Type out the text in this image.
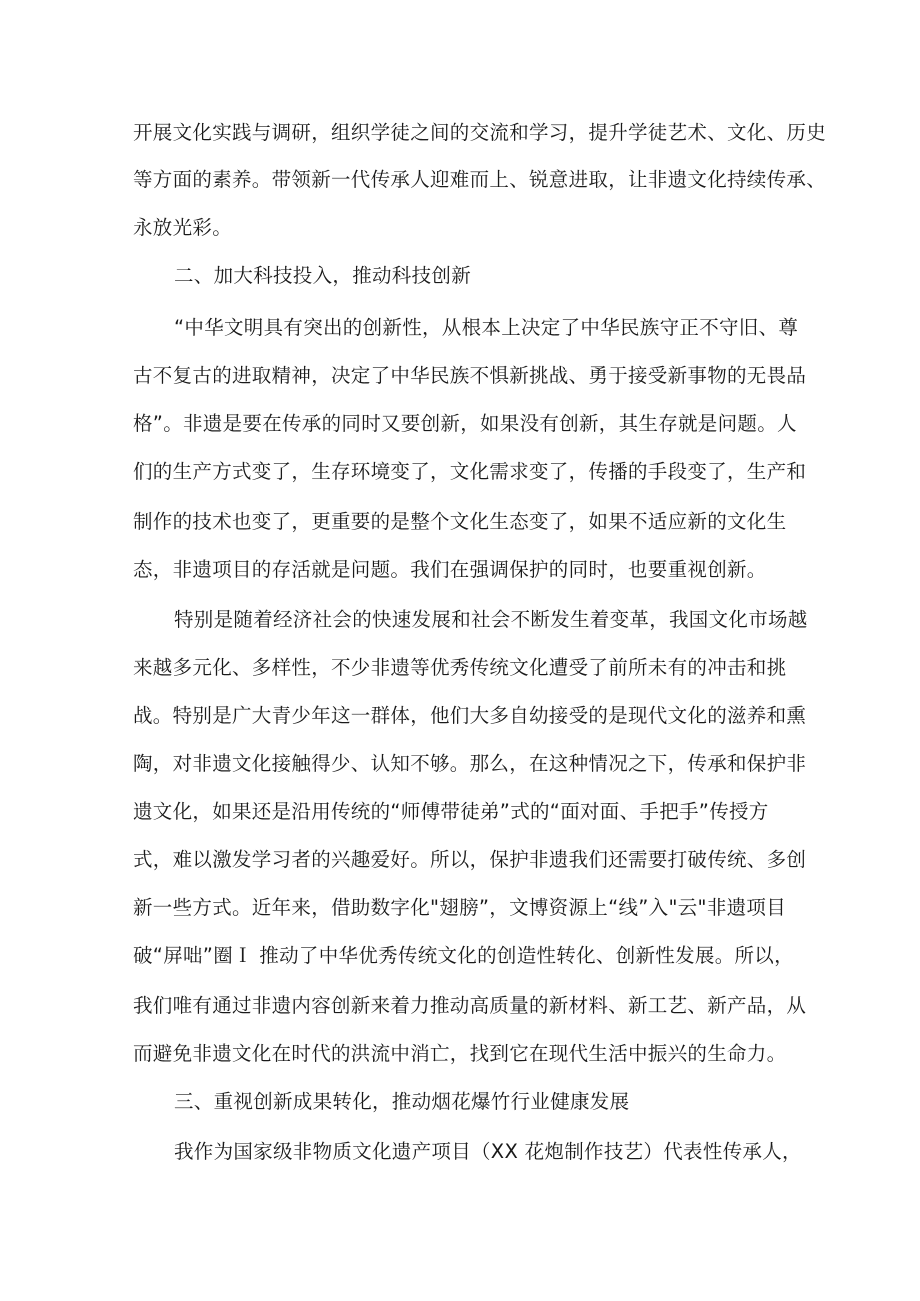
开展文化实践与调研，组织学徒之间的交流和学习，提升学徒艺术、文化、历史

等方面的素养。带领新一代传承人迎难而上、锐意进取，让非遗文化持续传承、

永放光彩。

二、加大科技投入，推动科技创新

“中华文明具有突出的创新性，从根本上决定了中华民族守正不守旧、尊

古不复古的进取精神，决定了中华民族不惧新挑战、勇于接受新事物的无畏品

格”。非遗是要在传承的同时又要创新，如果没有创新，其生存就是问题。人

们的生产方式变了，生存环境变了，文化需求变了，传播的手段变了，生产和

制作的技术也变了，更重要的是整个文化生态变了，如果不适应新的文化生

态，非遗项目的存活就是问题。我们在强调保护的同时，也要重视创新。

特别是随着经济社会的快速发展和社会不断发生着变革，我国文化市场越

来越多元化、多样性，不少非遗等优秀传统文化遭受了前所未有的冲击和挑

战。特别是广大青少年这一群体，他们大多自幼接受的是现代文化的滋养和熏

陶，对非遗文化接触得少、认知不够。那么，在这种情况之下，传承和保护非

遗文化，如果还是沿用传统的“师傅带徒弟”式的“面对面、手把手”传授方

式，难以激发学习者的兴趣爱好。所以，保护非遗我们还需要打破传统、多创

新一些方式。近年来，借助数字化"翅膀”，文博资源上“线”入"云"非遗项目

破“屏咄”圈Ｉ 推动了中华优秀传统文化的创造性转化、创新性发展。所以，

我们唯有通过非遗内容创新来着力推动高质量的新材料、新工艺、新产品，从

而避免非遗文化在时代的洪流中消亡，找到它在现代生活中振兴的生命力。

三、重视创新成果转化，推动烟花爆竹行业健康发展

我作为国家级非物质文化遗产项目（XX 花炮制作技艺）代表性传承人，
